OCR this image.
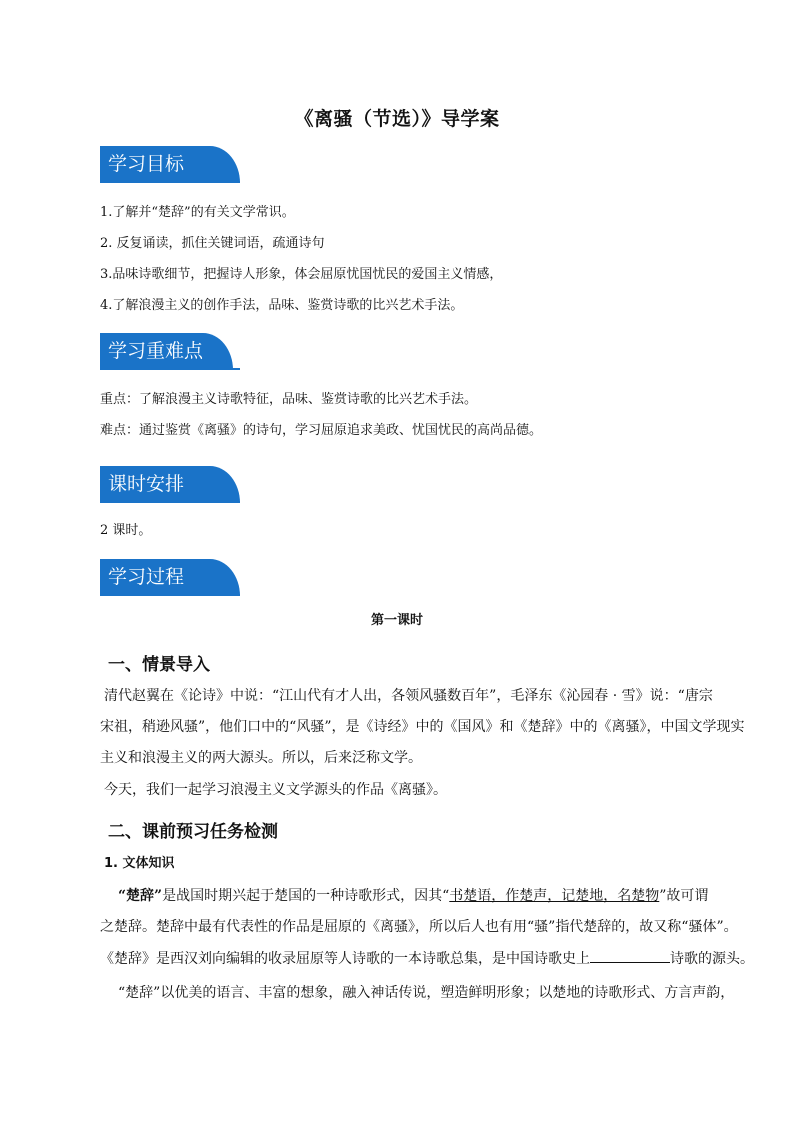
《离骚（节选）》导学案
学习目标
1.了解并“楚辞”的有关文学常识。
2. 反复诵读，抓住关键词语，疏通诗句
3.品味诗歌细节，把握诗人形象，体会屈原忧国忧民的爱国主义情感，
4.了解浪漫主义的创作手法，品味、鉴赏诗歌的比兴艺术手法。
学习重难点
重点：了解浪漫主义诗歌特征，品味、鉴赏诗歌的比兴艺术手法。
难点：通过鉴赏《离骚》的诗句，学习屈原追求美政、忧国忧民的高尚品德。
课时安排
2 课时。
学习过程
第一课时
一、情景导入
清代赵翼在《论诗》中说：“江山代有才人出，各领风骚数百年”，毛泽东《沁园春 · 雪》说：“唐宗
宋祖，稍逊风骚”，他们口中的“风骚”，是《诗经》中的《国风》和《楚辞》中的《离骚》，中国文学现实
主义和浪漫主义的两大源头。所以，后来泛称文学。
今天，我们一起学习浪漫主义文学源头的作品《离骚》。
二、课前预习任务检测
1. 文体知识
“楚辞”是战国时期兴起于楚国的一种诗歌形式，因其“书楚语，作楚声，记楚地，名楚物”故可谓
之楚辞。楚辞中最有代表性的作品是屈原的《离骚》，所以后人也有用“骚”指代楚辞的，故又称“骚体”。
《楚辞》是西汉刘向编辑的收录屈原等人诗歌的一本诗歌总集，是中国诗歌史上	诗歌的源头。
“楚辞”以优美的语言、丰富的想象，融入神话传说，塑造鲜明形象；以楚地的诗歌形式、方言声韵，
